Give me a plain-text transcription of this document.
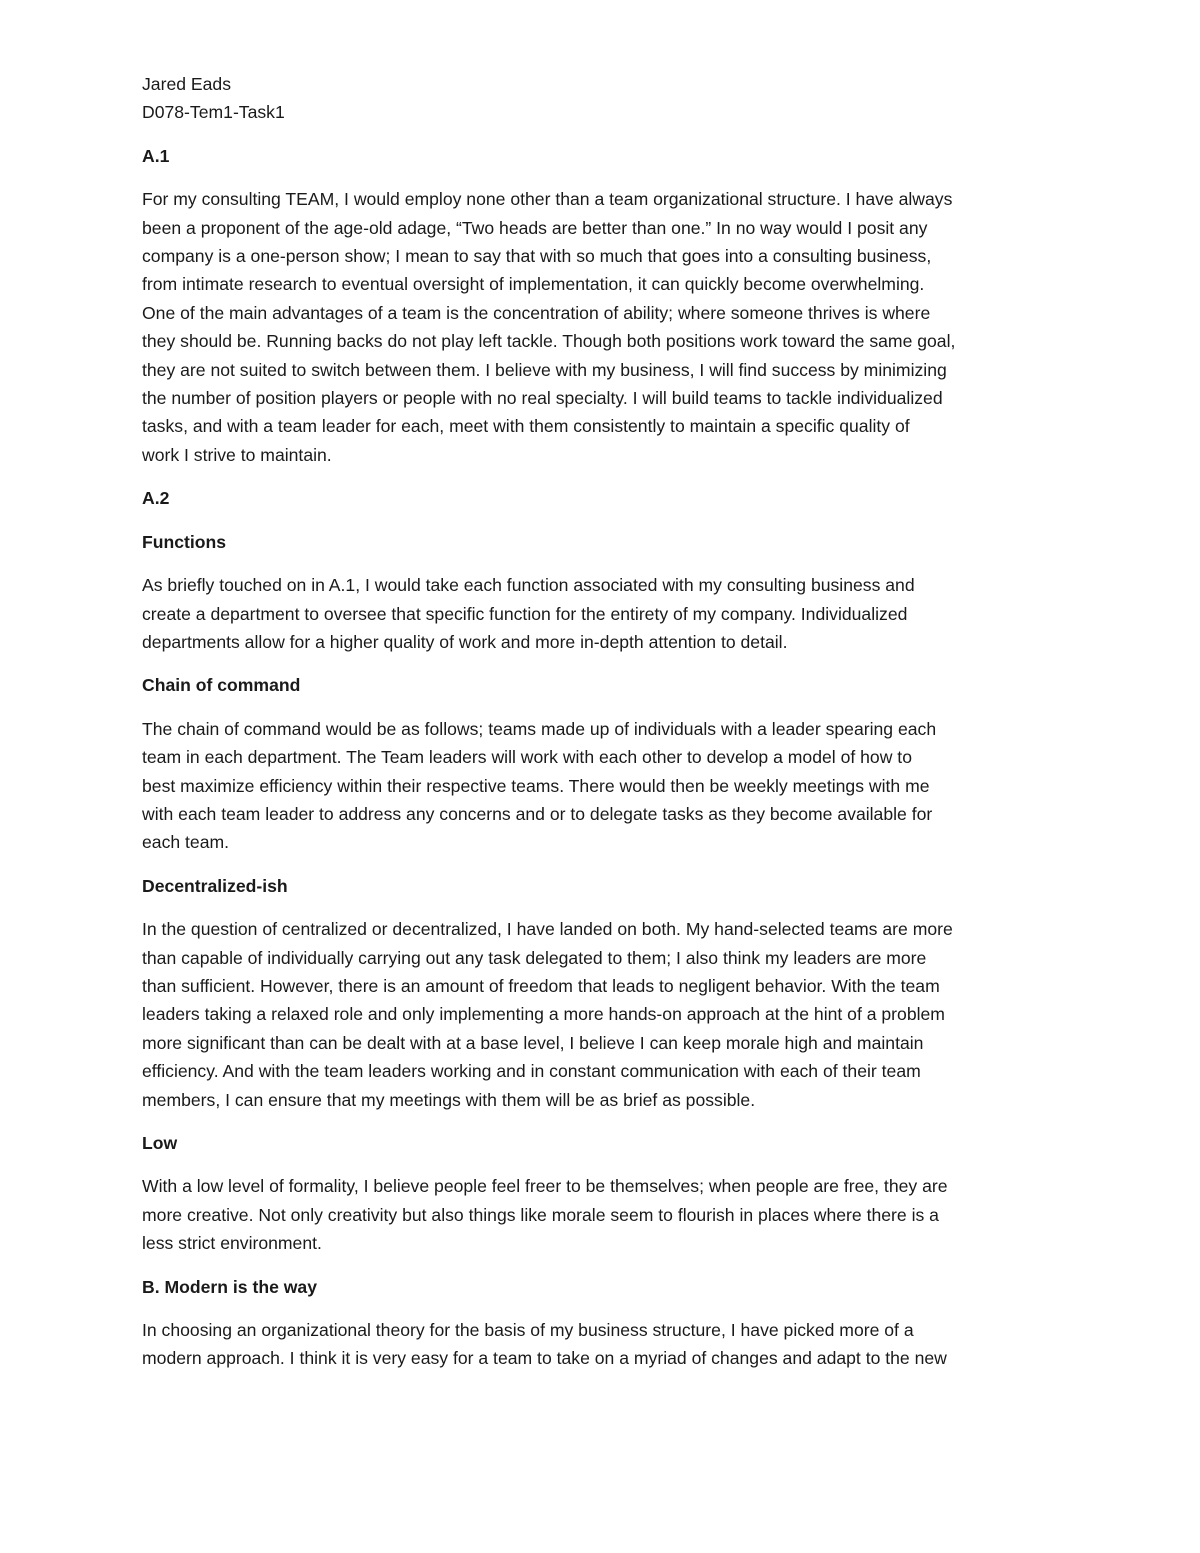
Jared Eads
D078-Tem1-Task1
A.1
For my consulting TEAM, I would employ none other than a team organizational structure. I have always
been a proponent of the age-old adage, “Two heads are better than one.” In no way would I posit any
company is a one-person show; I mean to say that with so much that goes into a consulting business,
from intimate research to eventual oversight of implementation, it can quickly become overwhelming.
One of the main advantages of a team is the concentration of ability; where someone thrives is where
they should be. Running backs do not play left tackle. Though both positions work toward the same goal,
they are not suited to switch between them. I believe with my business, I will find success by minimizing
the number of position players or people with no real specialty. I will build teams to tackle individualized
tasks, and with a team leader for each, meet with them consistently to maintain a specific quality of
work I strive to maintain.
A.2
Functions
As briefly touched on in A.1, I would take each function associated with my consulting business and
create a department to oversee that specific function for the entirety of my company. Individualized
departments allow for a higher quality of work and more in-depth attention to detail.
Chain of command
The chain of command would be as follows; teams made up of individuals with a leader spearing each
team in each department. The Team leaders will work with each other to develop a model of how to
best maximize efficiency within their respective teams. There would then be weekly meetings with me
with each team leader to address any concerns and or to delegate tasks as they become available for
each team.
Decentralized-ish
In the question of centralized or decentralized, I have landed on both. My hand-selected teams are more
than capable of individually carrying out any task delegated to them; I also think my leaders are more
than sufficient. However, there is an amount of freedom that leads to negligent behavior. With the team
leaders taking a relaxed role and only implementing a more hands-on approach at the hint of a problem
more significant than can be dealt with at a base level, I believe I can keep morale high and maintain
efficiency. And with the team leaders working and in constant communication with each of their team
members, I can ensure that my meetings with them will be as brief as possible.
Low
With a low level of formality, I believe people feel freer to be themselves; when people are free, they are
more creative. Not only creativity but also things like morale seem to flourish in places where there is a
less strict environment.
B. Modern is the way
In choosing an organizational theory for the basis of my business structure, I have picked more of a
modern approach. I think it is very easy for a team to take on a myriad of changes and adapt to the new
